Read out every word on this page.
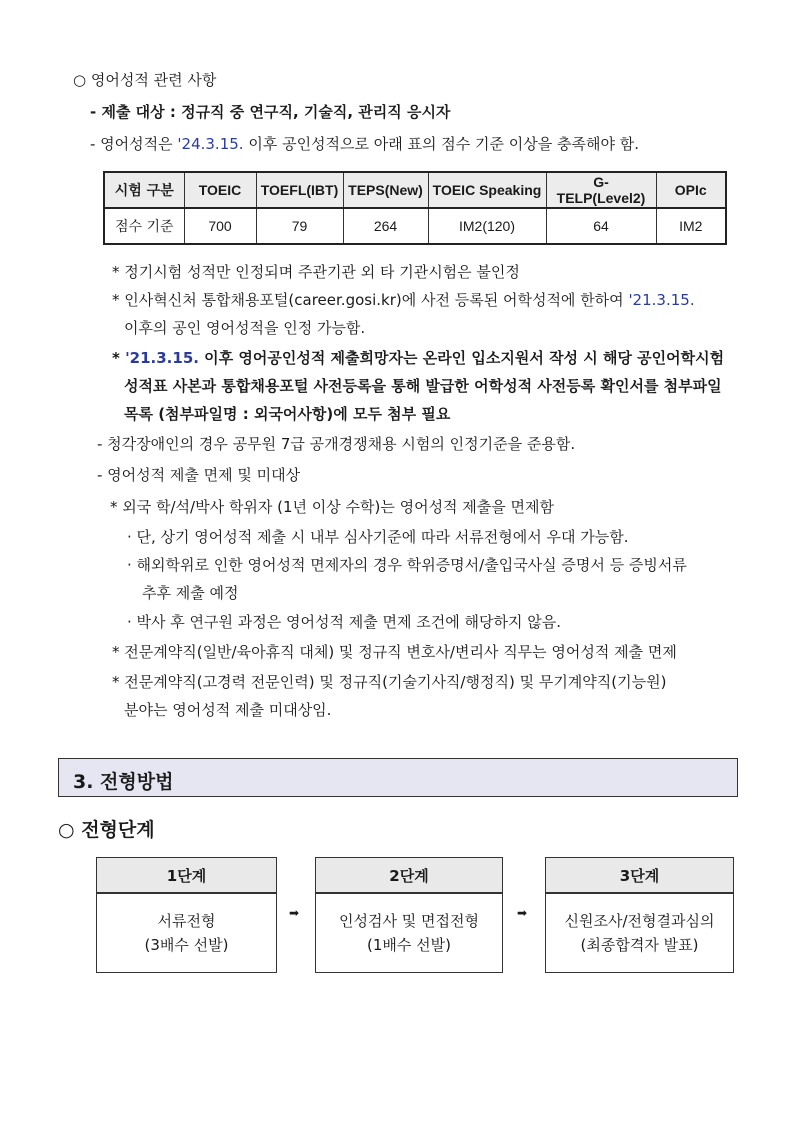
○ 영어성적 관련 사항
- 제출 대상 : 정규직 중 연구직, 기술직, 관리직 응시자
- 영어성적은 '24.3.15. 이후 공인성적으로 아래 표의 점수 기준 이상을 충족해야 함.
시험 구분	TOEIC	TOEFL(IBT)	TEPS(New)	TOEIC Speaking	G-TELP(Level2)	OPIc
점수 기준	700	79	264	IM2(120)	64	IM2
* 정기시험 성적만 인정되며 주관기관 외 타 기관시험은 불인정
* 인사혁신처 통합채용포털(career.gosi.kr)에 사전 등록된 어학성적에 한하여 '21.3.15.
이후의 공인 영어성적을 인정 가능함.
* '21.3.15. 이후 영어공인성적 제출희망자는 온라인 입소지원서 작성 시 해당 공인어학시험
성적표 사본과 통합채용포털 사전등록을 통해 발급한 어학성적 사전등록 확인서를 첨부파일
목록 (첨부파일명 : 외국어사항)에 모두 첨부 필요
- 청각장애인의 경우 공무원 7급 공개경쟁채용 시험의 인정기준을 준용함.
- 영어성적 제출 면제 및 미대상
* 외국 학/석/박사 학위자 (1년 이상 수학)는 영어성적 제출을 면제함
· 단, 상기 영어성적 제출 시 내부 심사기준에 따라 서류전형에서 우대 가능함.
· 해외학위로 인한 영어성적 면제자의 경우 학위증명서/출입국사실 증명서 등 증빙서류
추후 제출 예정
· 박사 후 연구원 과정은 영어성적 제출 면제 조건에 해당하지 않음.
* 전문계약직(일반/육아휴직 대체) 및 정규직 변호사/변리사 직무는 영어성적 제출 면제
* 전문계약직(고경력 전문인력) 및 정규직(기술기사직/행정직) 및 무기계약직(기능원)
분야는 영어성적 제출 미대상임.
3. 전형방법
○ 전형단계
1단계
서류전형
(3배수 선발)
➡
2단계
인성검사 및 면접전형
(1배수 선발)
➡
3단계
신원조사/전형결과심의
(최종합격자 발표)
